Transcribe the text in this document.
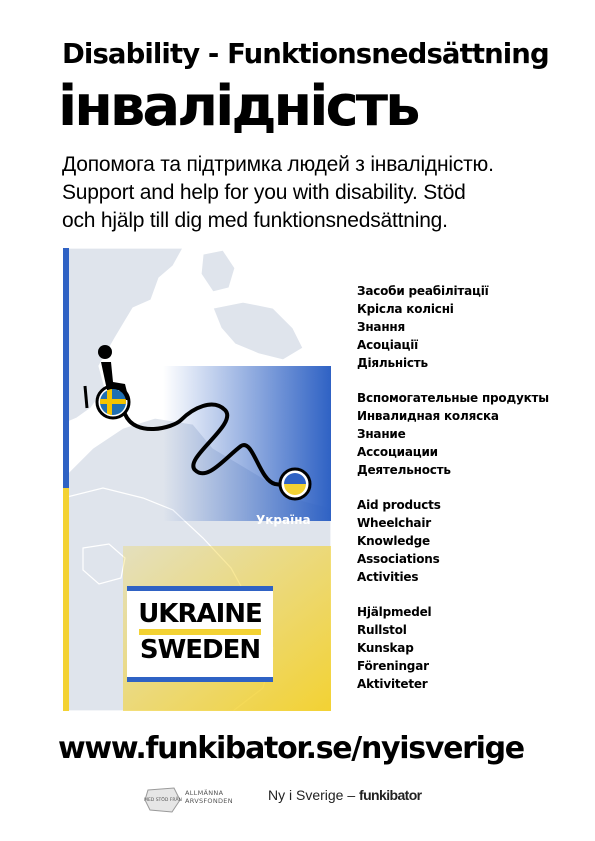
Disability - Funktionsnedsättning
інвалідність
Допомога та підтримка людей з інвалідністю.
Support and help for you with disability. Stöd
och hjälp till dig med funktionsnedsättning.
Україна
UKRAINE
SWEDEN
Засоби реабілітації
Крісла колісні
Знання
Асоціації
Діяльність
Вспомогательные продукты
Инвалидная коляска
Знание
Ассоциации
Деятельность
Aid products
Wheelchair
Knowledge
Associations
Activities
Hjälpmedel
Rullstol
Kunskap
Föreningar
Aktiviteter
www.funkibator.se/nyisverige
MED STÖD FRÅN
ALLMÄNNA
ARVSFONDEN	Ny i Sverige – funkibator
